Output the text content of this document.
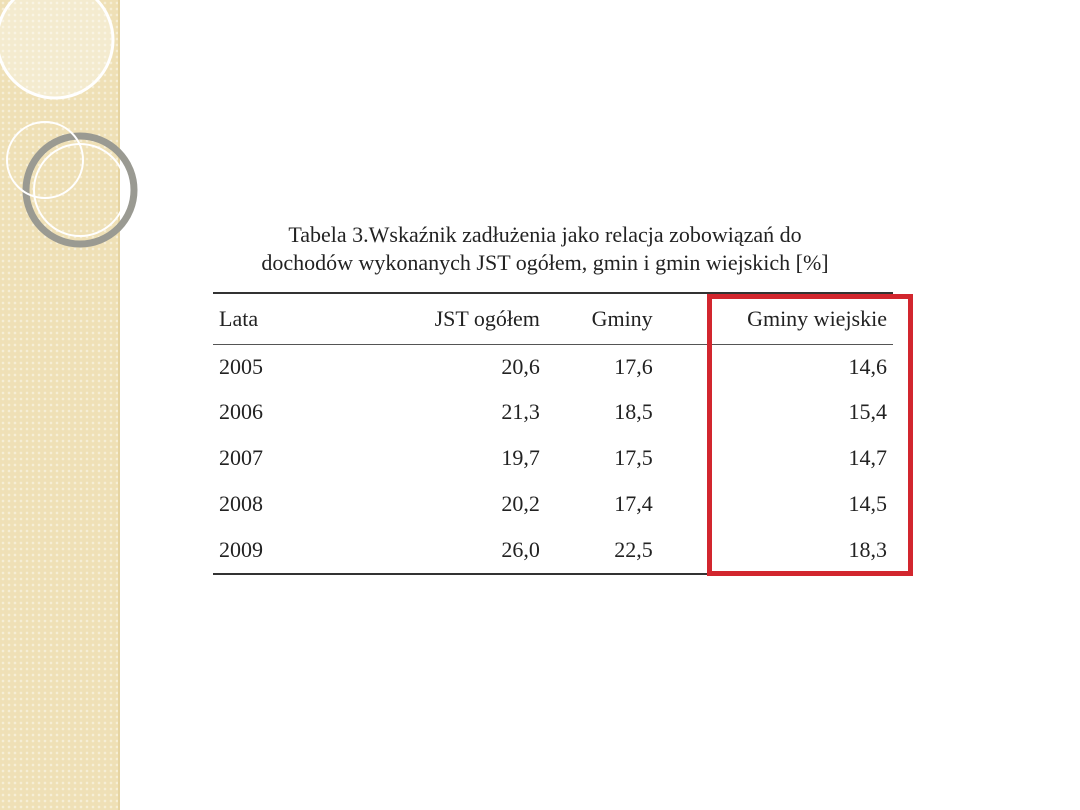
Tabela 3.Wskaźnik zadłużenia jako relacja zobowiązań do
dochodów wykonanych JST ogółem, gmin i gmin wiejskich [%]

Lata	JST ogółem	Gminy	Gminy wiejskie
2005	20,6	17,6	14,6
2006	21,3	18,5	15,4
2007	19,7	17,5	14,7
2008	20,2	17,4	14,5
2009	26,0	22,5	18,3
